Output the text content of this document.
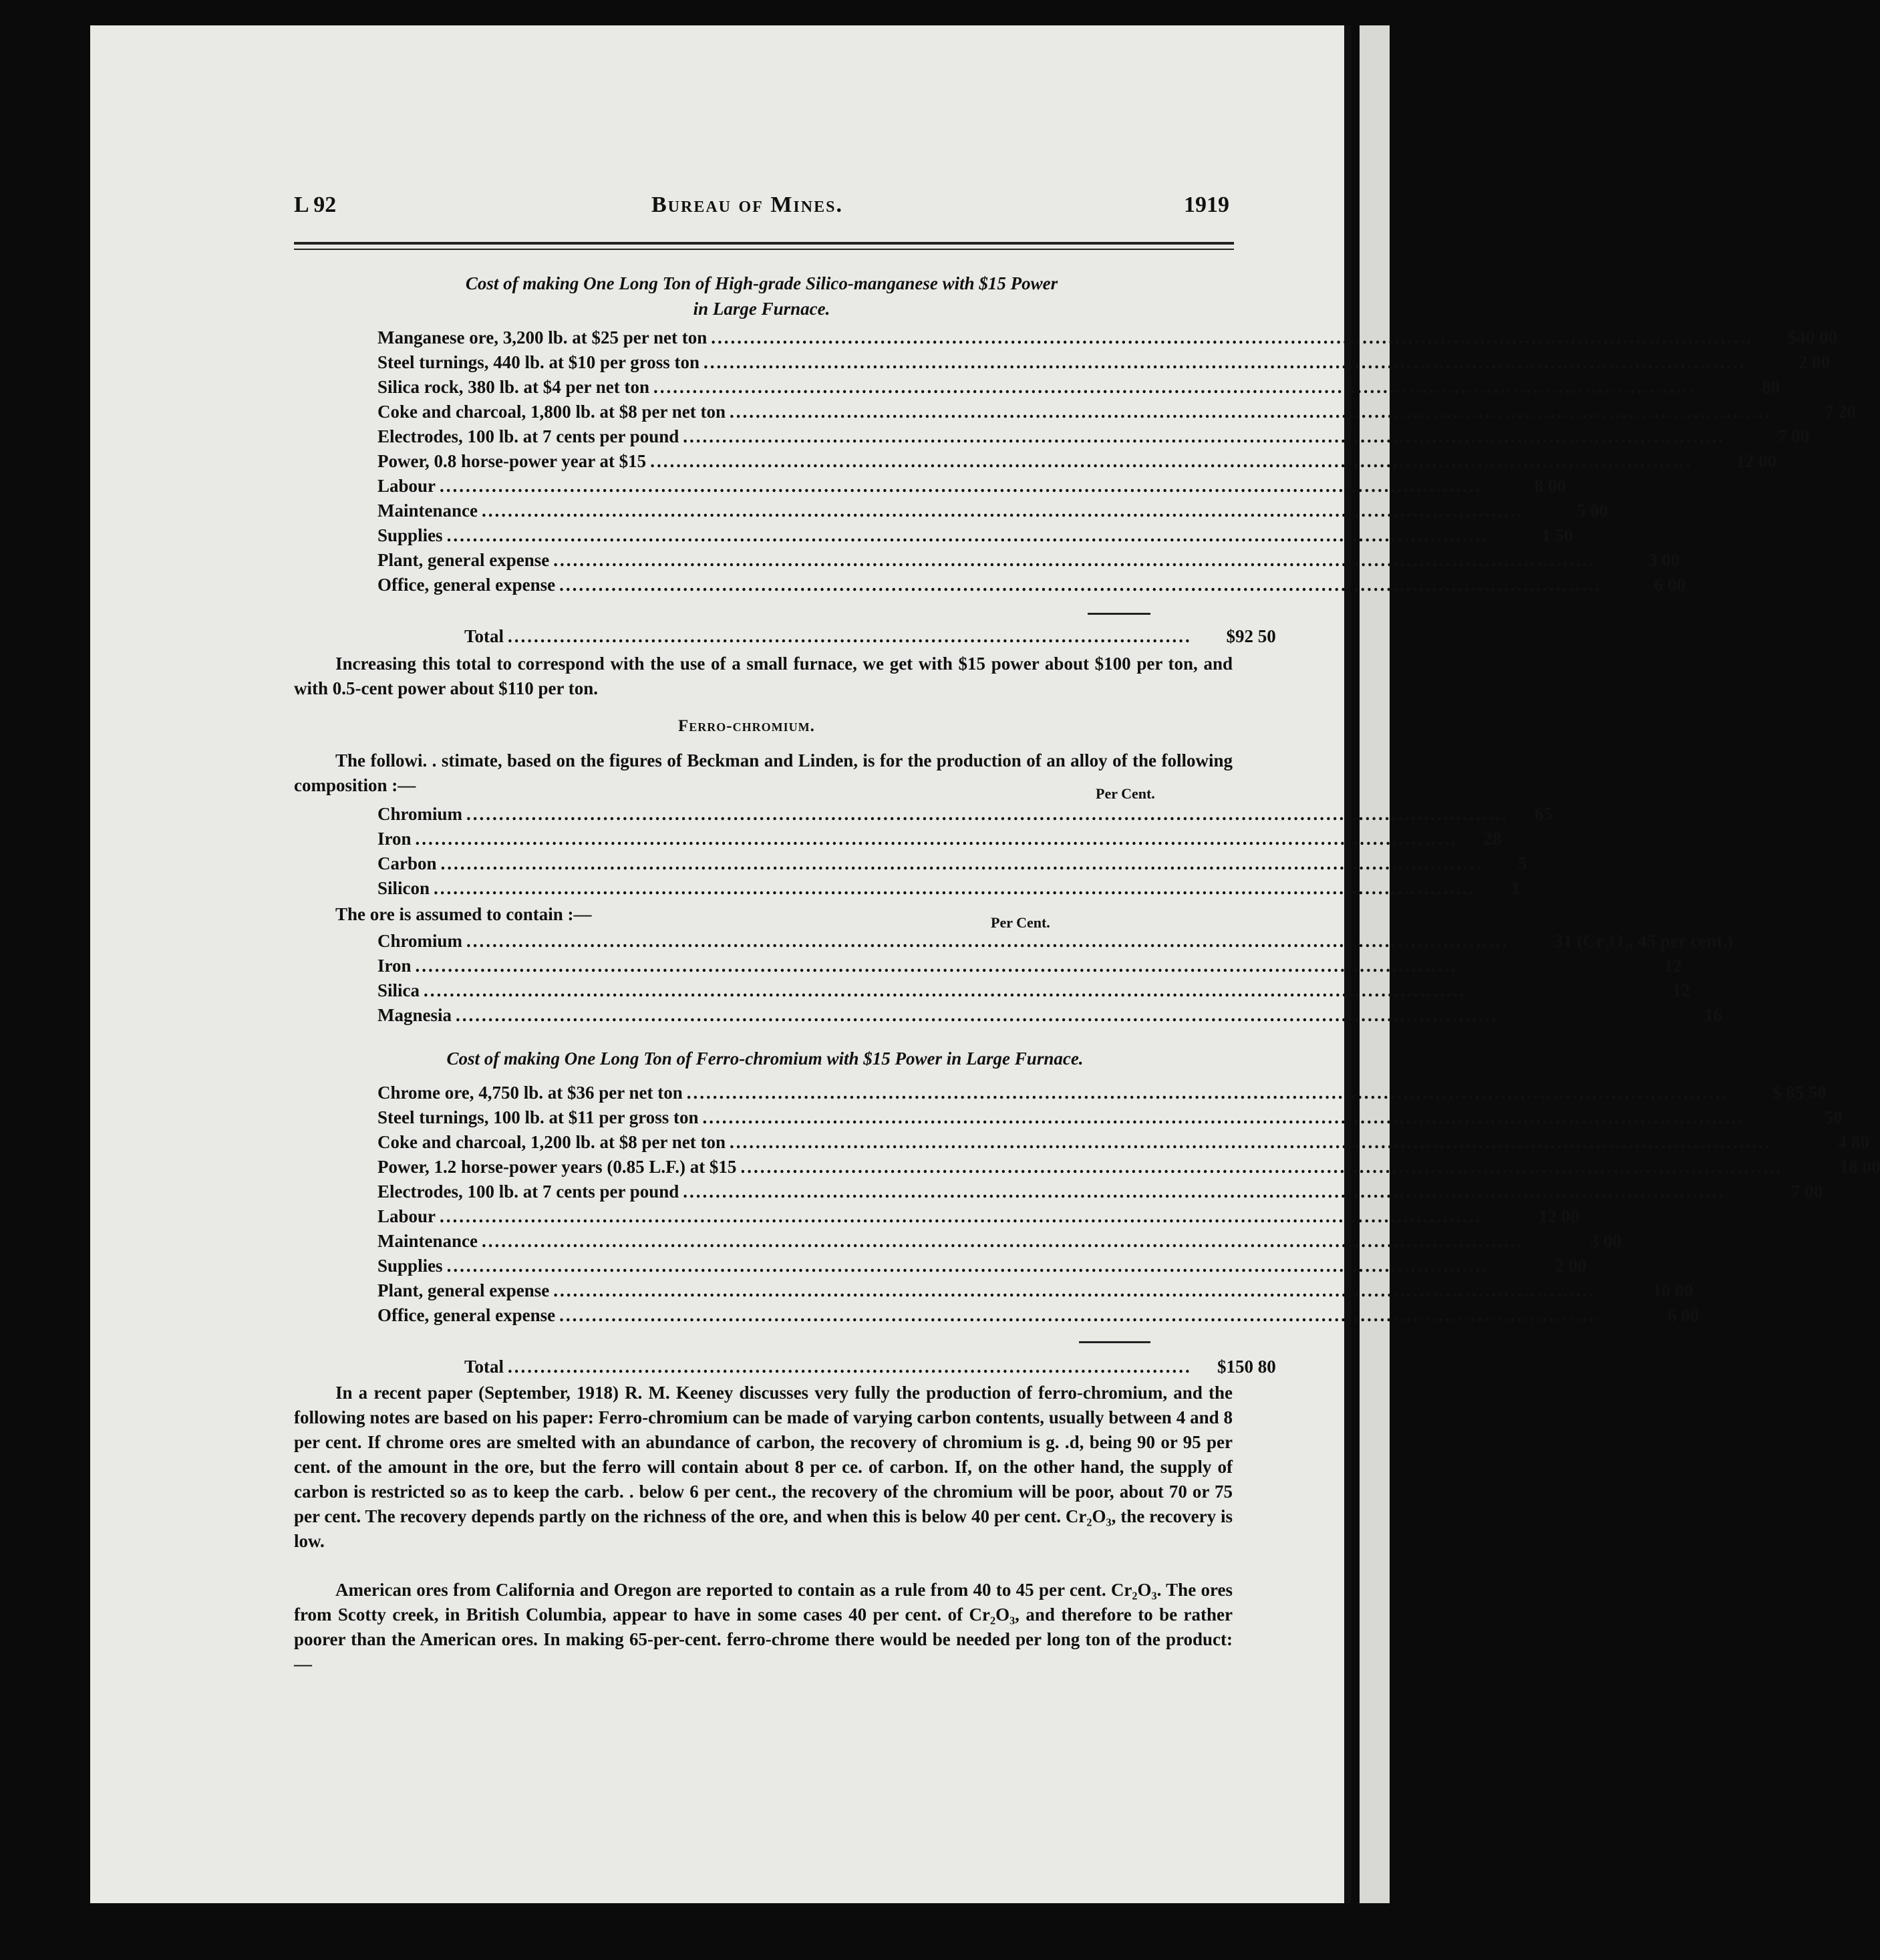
L 92	Bureau of Mines.	1919
Cost of making One Long Ton of High-grade Silico-manganese with $15 Power
in Large Furnace.
Manganese ore, 3,200 lb. at $25 per net ton ................................................................................................................................................................	$40 00
Steel turnings, 440 lb. at $10 per gross ton ................................................................................................................................................................	2 00
Silica rock, 380 lb. at $4 per net ton ................................................................................................................................................................	80
Coke and charcoal, 1,800 lb. at $8 per net ton ................................................................................................................................................................	7 20
Electrodes, 100 lb. at 7 cents per pound ................................................................................................................................................................	7 00
Power, 0.8 horse-power year at $15 ................................................................................................................................................................	12 00
Labour ................................................................................................................................................................	8 00
Maintenance ................................................................................................................................................................	5 00
Supplies ................................................................................................................................................................	1 50
Plant, general expense ................................................................................................................................................................	3 00
Office, general expense ................................................................................................................................................................	6 00
Total .........................................................................................................	$92 50
Increasing this total to correspond with the use of a small furnace, we get with $15 power about $100 per ton, and with 0.5-cent power about $110 per ton.
Ferro-chromium.
The followi. . stimate, based on the figures of Beckman and Linden, is for the production of an alloy of the following composition :—	Per Cent.
Chromium ................................................................................................................................................................	65
Iron ................................................................................................................................................................	28
Carbon ................................................................................................................................................................	5
Silicon ................................................................................................................................................................	1
The ore is assumed to contain :—	Per Cent.
Chromium ................................................................................................................................................................	31 (Cr₂O₃, 45 per cent.)
Iron ................................................................................................................................................................	12
Silica ................................................................................................................................................................	12
Magnesia ................................................................................................................................................................	16
Cost of making One Long Ton of Ferro-chromium with $15 Power in Large Furnace.
Chrome ore, 4,750 lb. at $36 per net ton ................................................................................................................................................................	$ 85 50
Steel turnings, 100 lb. at $11 per gross ton ................................................................................................................................................................	50
Coke and charcoal, 1,200 lb. at $8 per net ton ................................................................................................................................................................	4 80
Power, 1.2 horse-power years (0.85 L.F.) at $15 ................................................................................................................................................................	18 00
Electrodes, 100 lb. at 7 cents per pound ................................................................................................................................................................	7 00
Labour ................................................................................................................................................................	12 00
Maintenance ................................................................................................................................................................	3 00
Supplies ................................................................................................................................................................	2 00
Plant, general expense ................................................................................................................................................................	10 00
Office, general expense ................................................................................................................................................................	6 00
Total .........................................................................................................	$150 80
In a recent paper (September, 1918) R. M. Keeney discusses very fully the production of ferro-chromium, and the following notes are based on his paper: Ferro-chromium can be made of varying carbon contents, usually between 4 and 8 per cent. If chrome ores are smelted with an abundance of carbon, the recovery of chromium is g. .d, being 90 or 95 per cent. of the amount in the ore, but the ferro will contain about 8 per ce. of carbon. If, on the other hand, the supply of carbon is restricted so as to keep the carb. . below 6 per cent., the recovery of the chromium will be poor, about 70 or 75 per cent. The recovery depends partly on the richness of the ore, and when this is below 40 per cent. Cr₂O₃, the recovery is low.
American ores from California and Oregon are reported to contain as a rule from 40 to 45 per cent. Cr₂O₃. The ores from Scotty creek, in British Columbia, appear to have in some cases 40 per cent. of Cr₂O₃, and therefore to be rather poorer than the American ores. In making 65-per-cent. ferro-chrome there would be needed per long ton of the product:—
